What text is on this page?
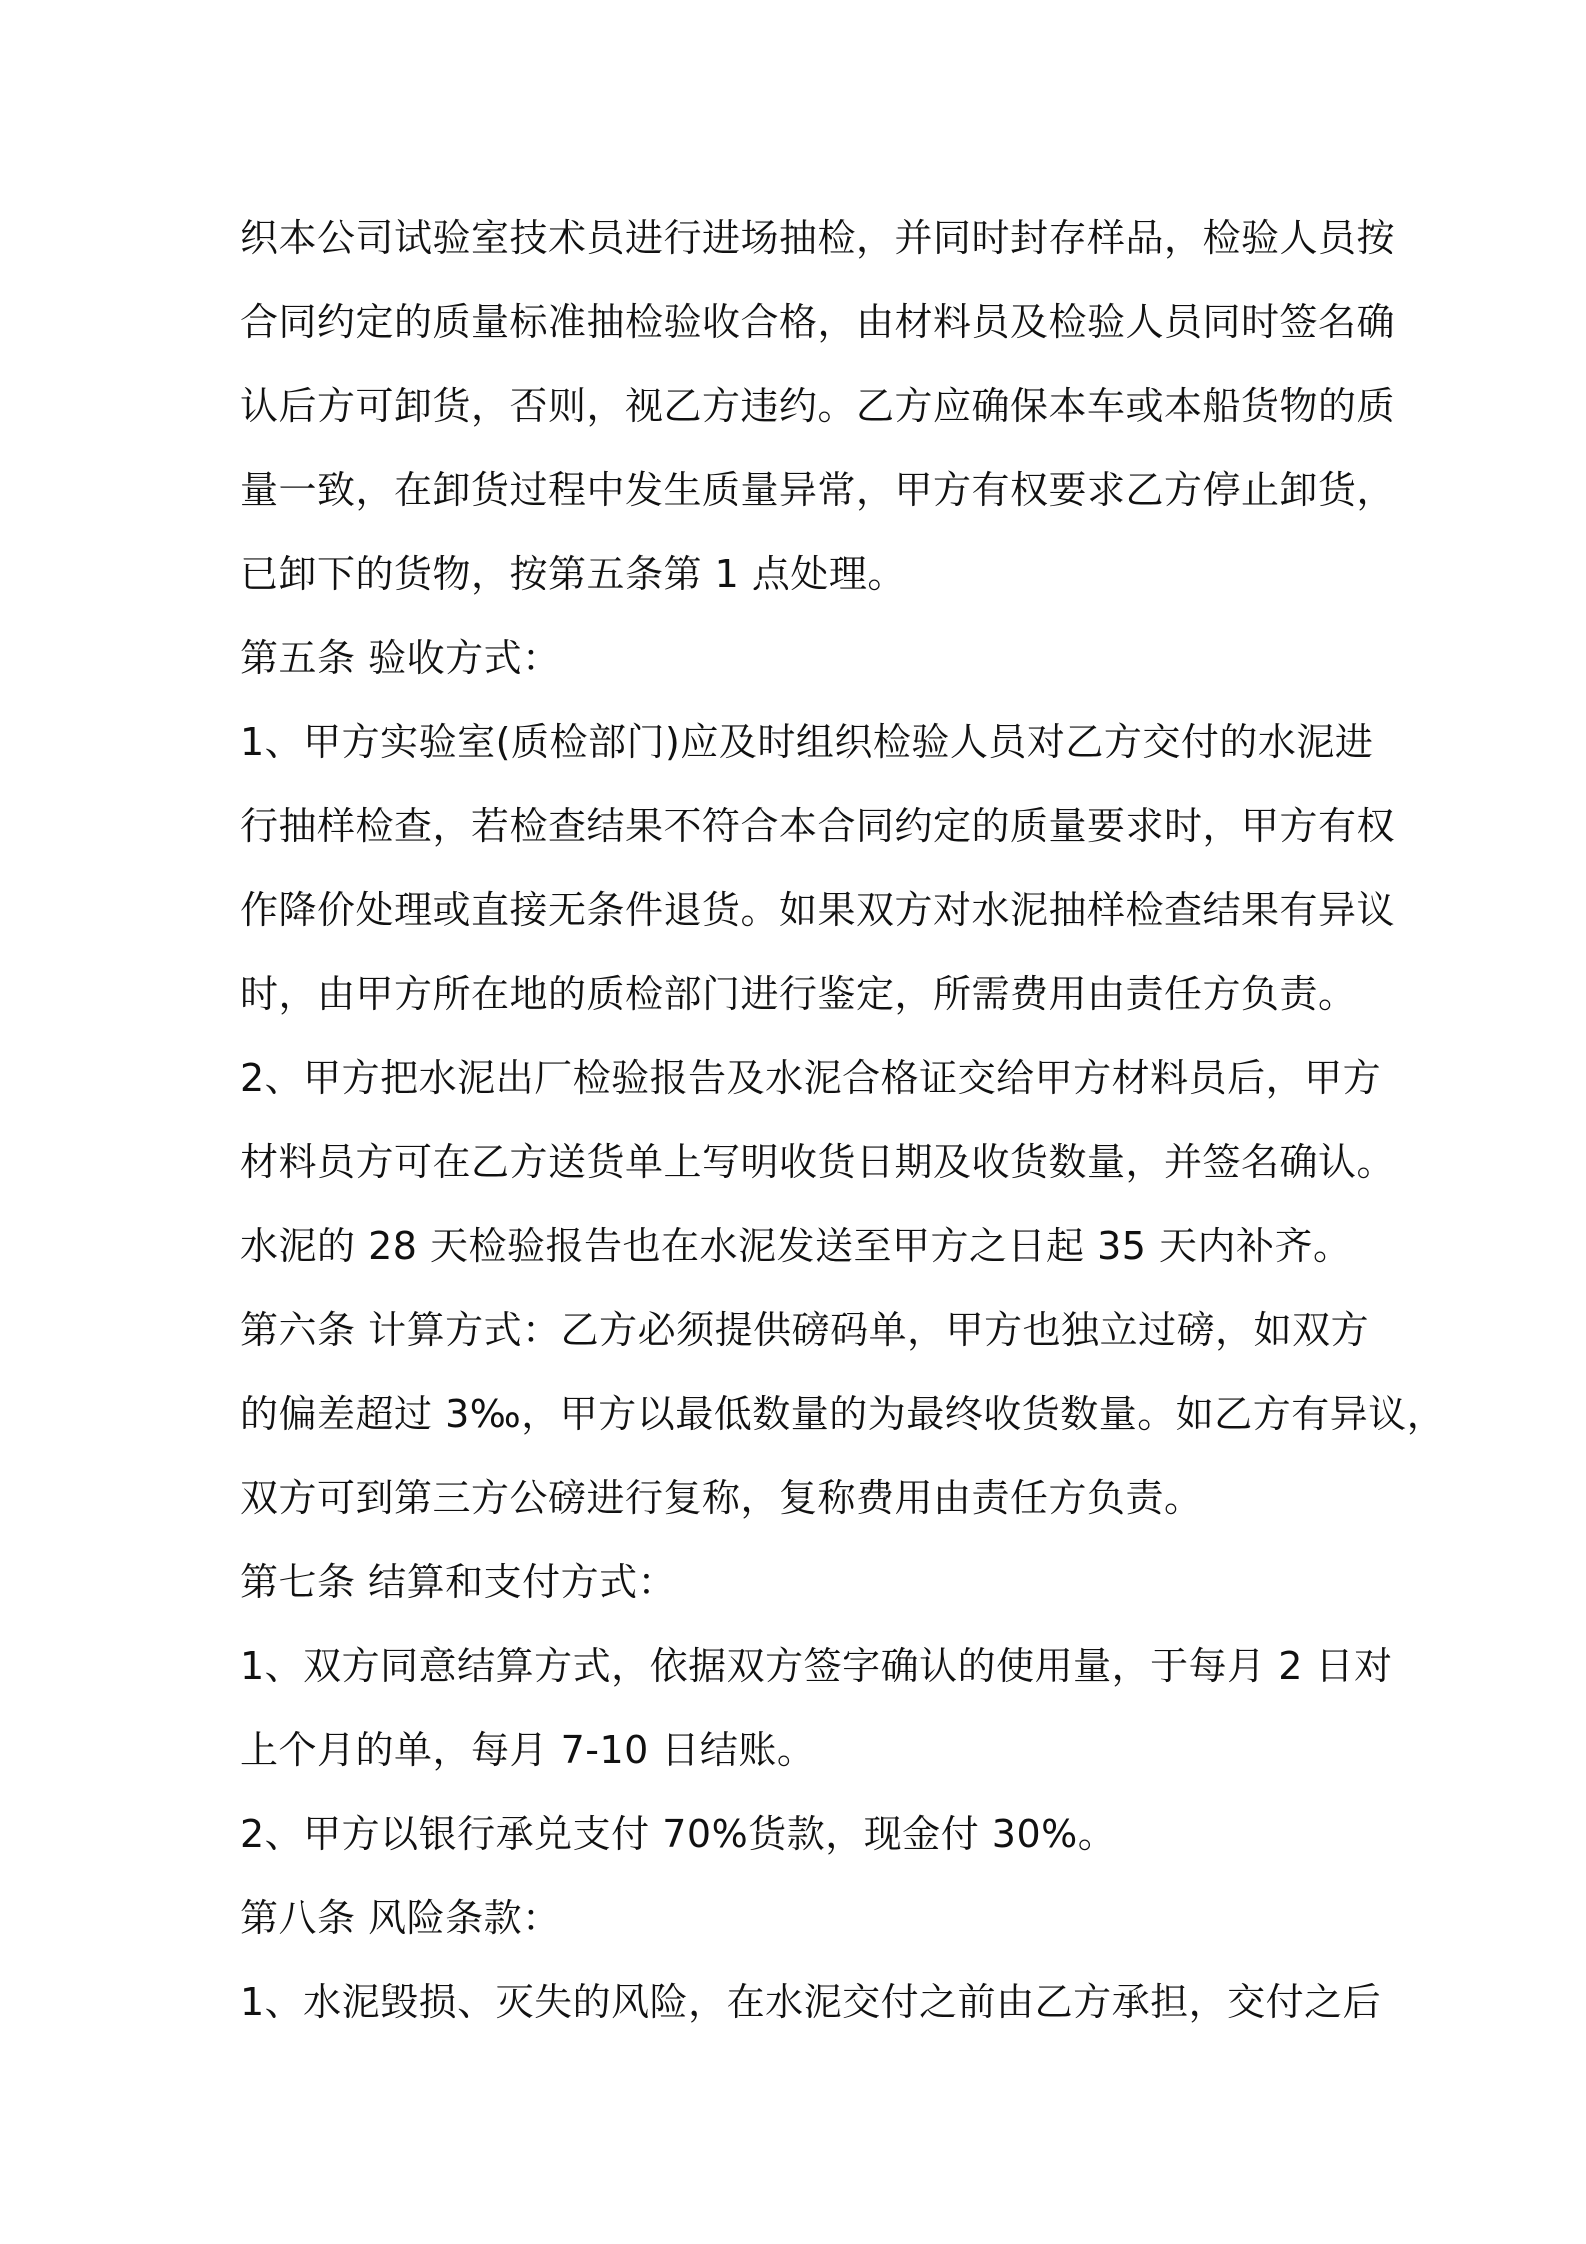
织本公司试验室技术员进行进场抽检，并同时封存样品，检验人员按
合同约定的质量标准抽检验收合格，由材料员及检验人员同时签名确
认后方可卸货，否则，视乙方违约。乙方应确保本车或本船货物的质
量一致，在卸货过程中发生质量异常，甲方有权要求乙方停止卸货，
已卸下的货物，按第五条第 1 点处理。
第五条 验收方式：
1、甲方实验室(质检部门)应及时组织检验人员对乙方交付的水泥进
行抽样检查，若检查结果不符合本合同约定的质量要求时，甲方有权
作降价处理或直接无条件退货。如果双方对水泥抽样检查结果有异议
时，由甲方所在地的质检部门进行鉴定，所需费用由责任方负责。
2、甲方把水泥出厂检验报告及水泥合格证交给甲方材料员后，甲方
材料员方可在乙方送货单上写明收货日期及收货数量，并签名确认。
水泥的 28 天检验报告也在水泥发送至甲方之日起 35 天内补齐。
第六条 计算方式：乙方必须提供磅码单，甲方也独立过磅，如双方
的偏差超过 3‰，甲方以最低数量的为最终收货数量。如乙方有异议，
双方可到第三方公磅进行复称，复称费用由责任方负责。
第七条 结算和支付方式：
1、双方同意结算方式，依据双方签字确认的使用量，于每月 2 日对
上个月的单，每月 7-10 日结账。
2、甲方以银行承兑支付 70%货款，现金付 30%。
第八条 风险条款：
1、水泥毁损、灭失的风险，在水泥交付之前由乙方承担，交付之后
